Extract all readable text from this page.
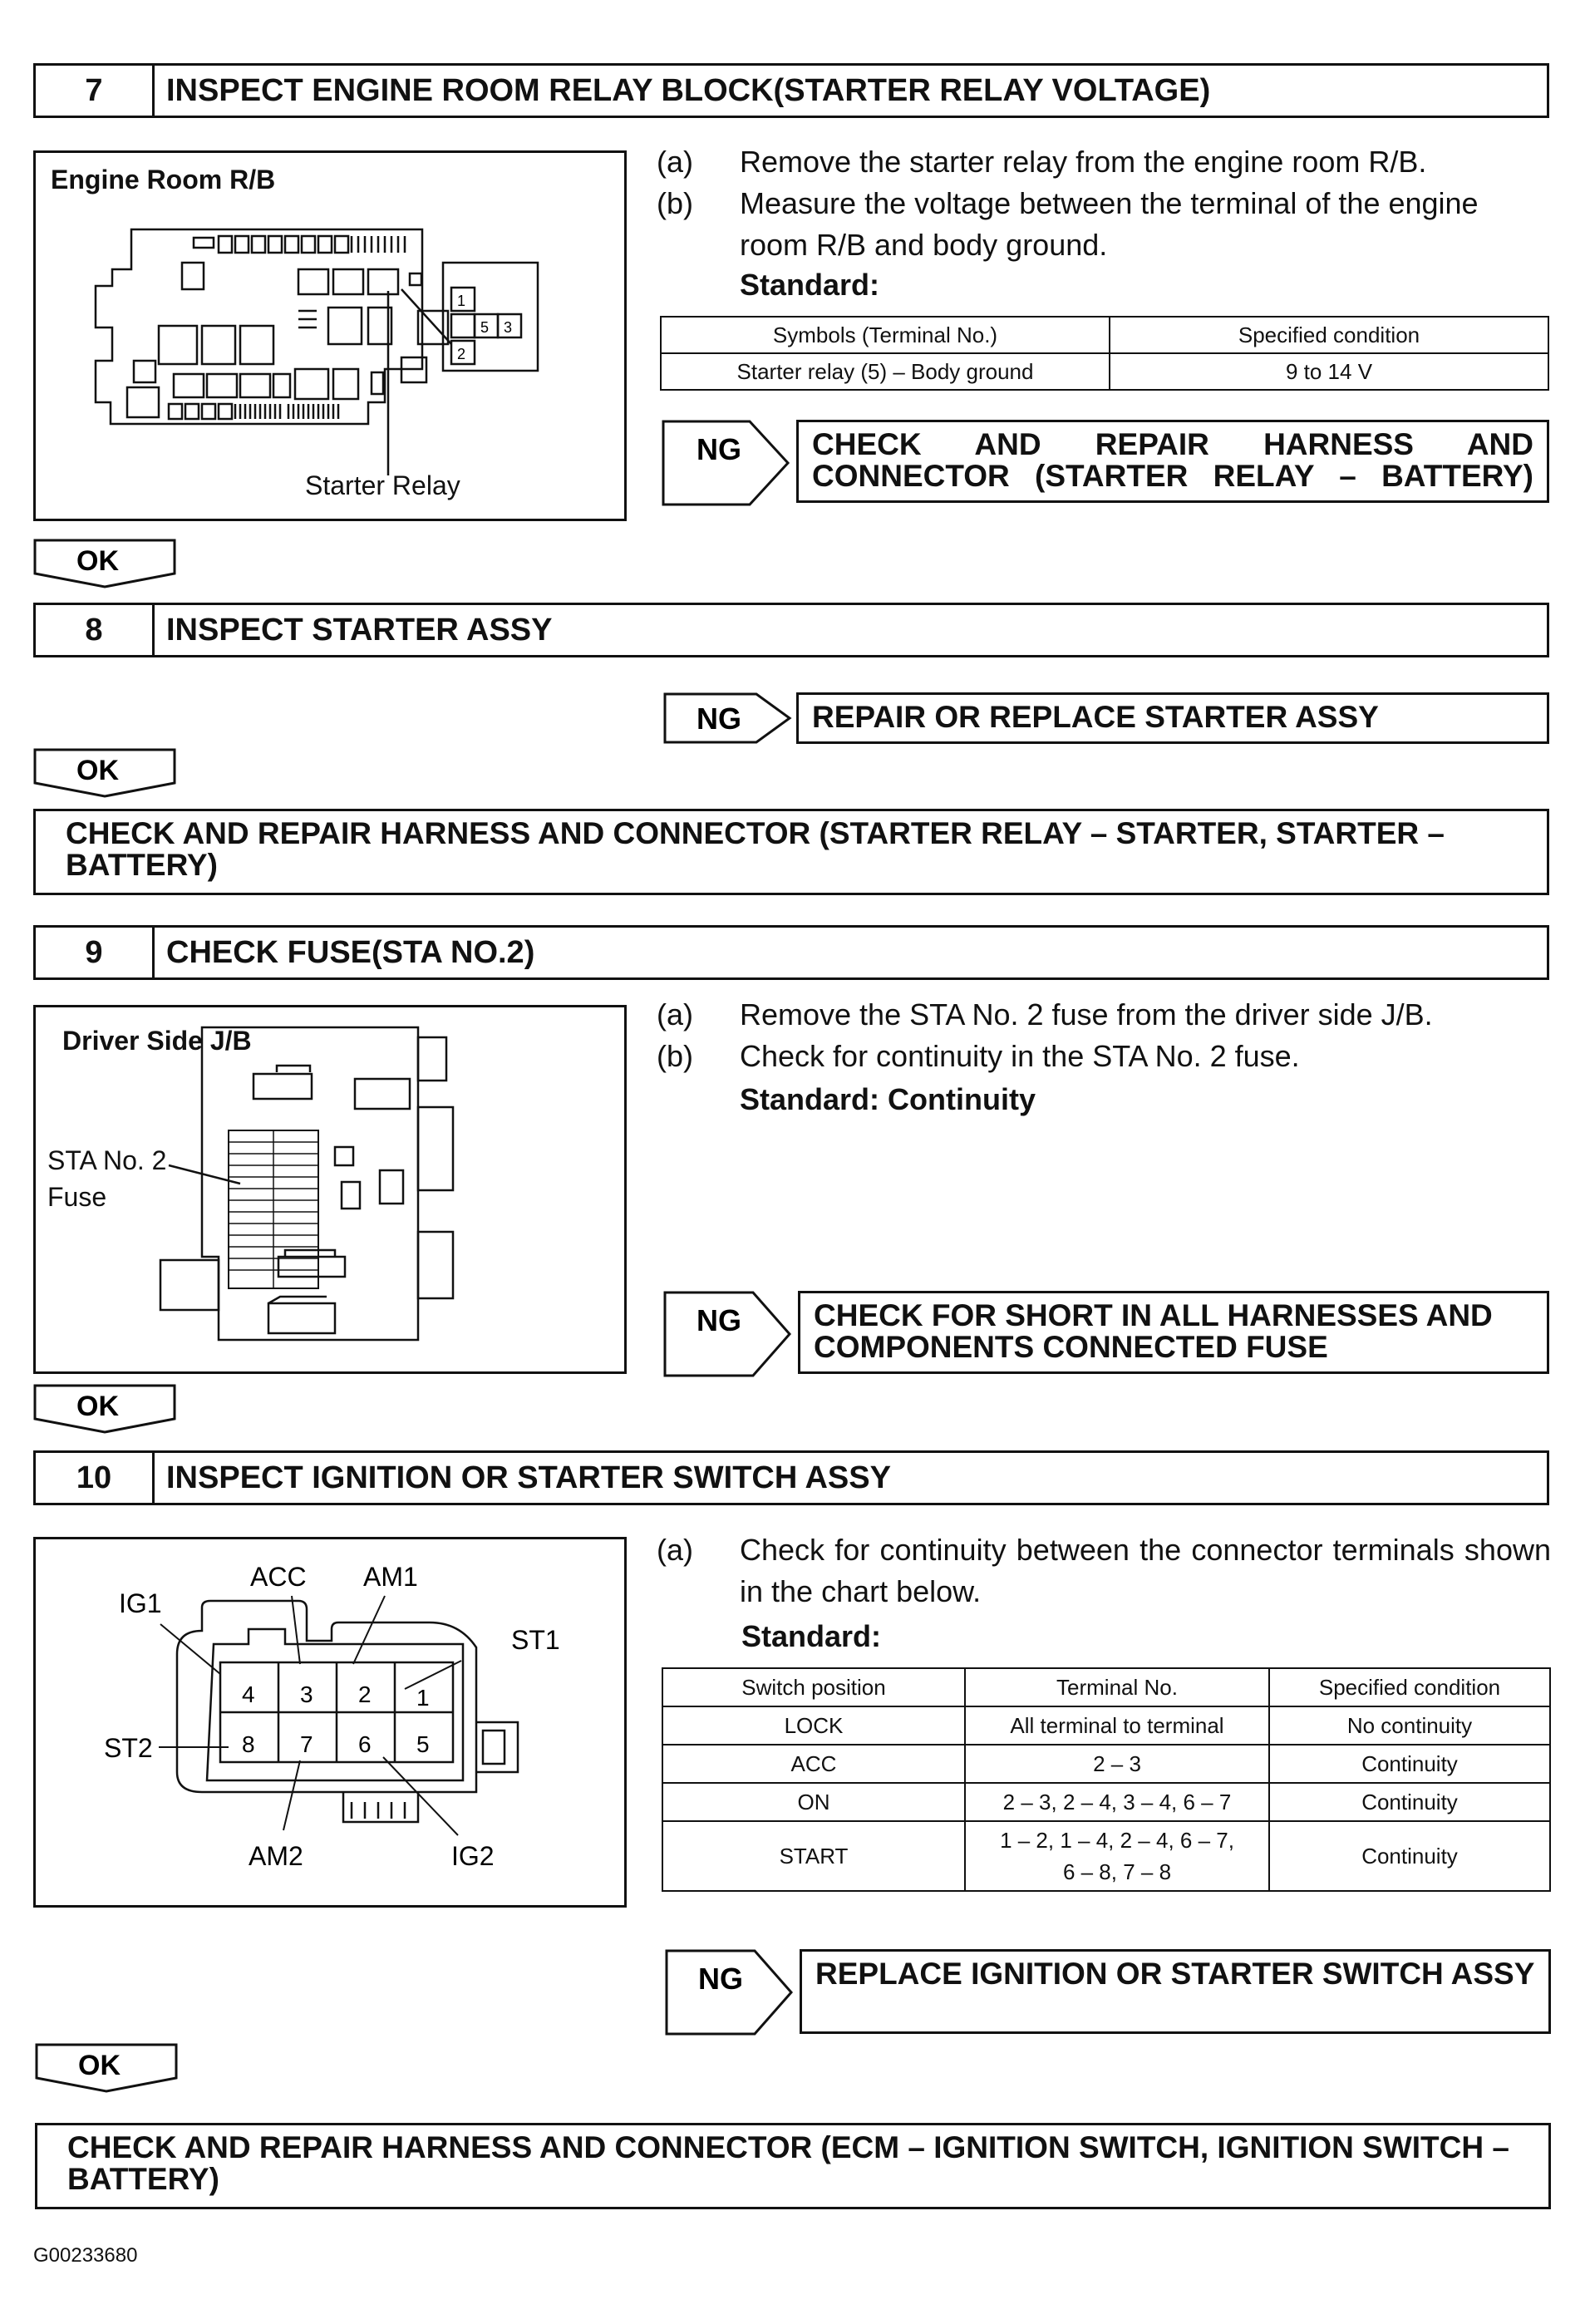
7	INSPECT ENGINE ROOM RELAY BLOCK(STARTER RELAY VOLTAGE)
Engine Room R/B
1
5 3
2
Starter Relay
(a) Remove the starter relay from the engine room R/B.
(b) Measure the voltage between the terminal of the engine room R/B and body ground.
Standard:
Symbols (Terminal No.)	Specified condition
Starter relay (5) – Body ground	9 to 14 V
NG	CHECK AND REPAIR HARNESS AND CONNECTOR (STARTER RELAY – BATTERY)
OK
8	INSPECT STARTER ASSY
NG	REPAIR OR REPLACE STARTER ASSY
OK
CHECK AND REPAIR HARNESS AND CONNECTOR (STARTER RELAY – STARTER, STARTER – BATTERY)
9	CHECK FUSE(STA NO.2)
Driver Side J/B
STA No. 2
Fuse
(a) Remove the STA No. 2 fuse from the driver side J/B.
(b) Check for continuity in the STA No. 2 fuse.
Standard: Continuity
NG	CHECK FOR SHORT IN ALL HARNESSES AND COMPONENTS CONNECTED FUSE
OK
10	INSPECT IGNITION OR STARTER SWITCH ASSY
4 3 2 1
8 7 6 5
ACC AM1
IG1
ST1
ST2
AM2	IG2
(a) Check for continuity between the connector terminals shown in the chart below.
Standard:
Switch position	Terminal No.	Specified condition
LOCK	All terminal to terminal	No continuity
ACC	2 – 3	Continuity
ON	2 – 3, 2 – 4, 3 – 4, 6 – 7	Continuity
START	1 – 2, 1 – 4, 2 – 4, 6 – 7, 6 – 8, 7 – 8	Continuity
NG	REPLACE IGNITION OR STARTER SWITCH ASSY
OK
CHECK AND REPAIR HARNESS AND CONNECTOR (ECM – IGNITION SWITCH, IGNITION SWITCH – BATTERY)
G00233680
